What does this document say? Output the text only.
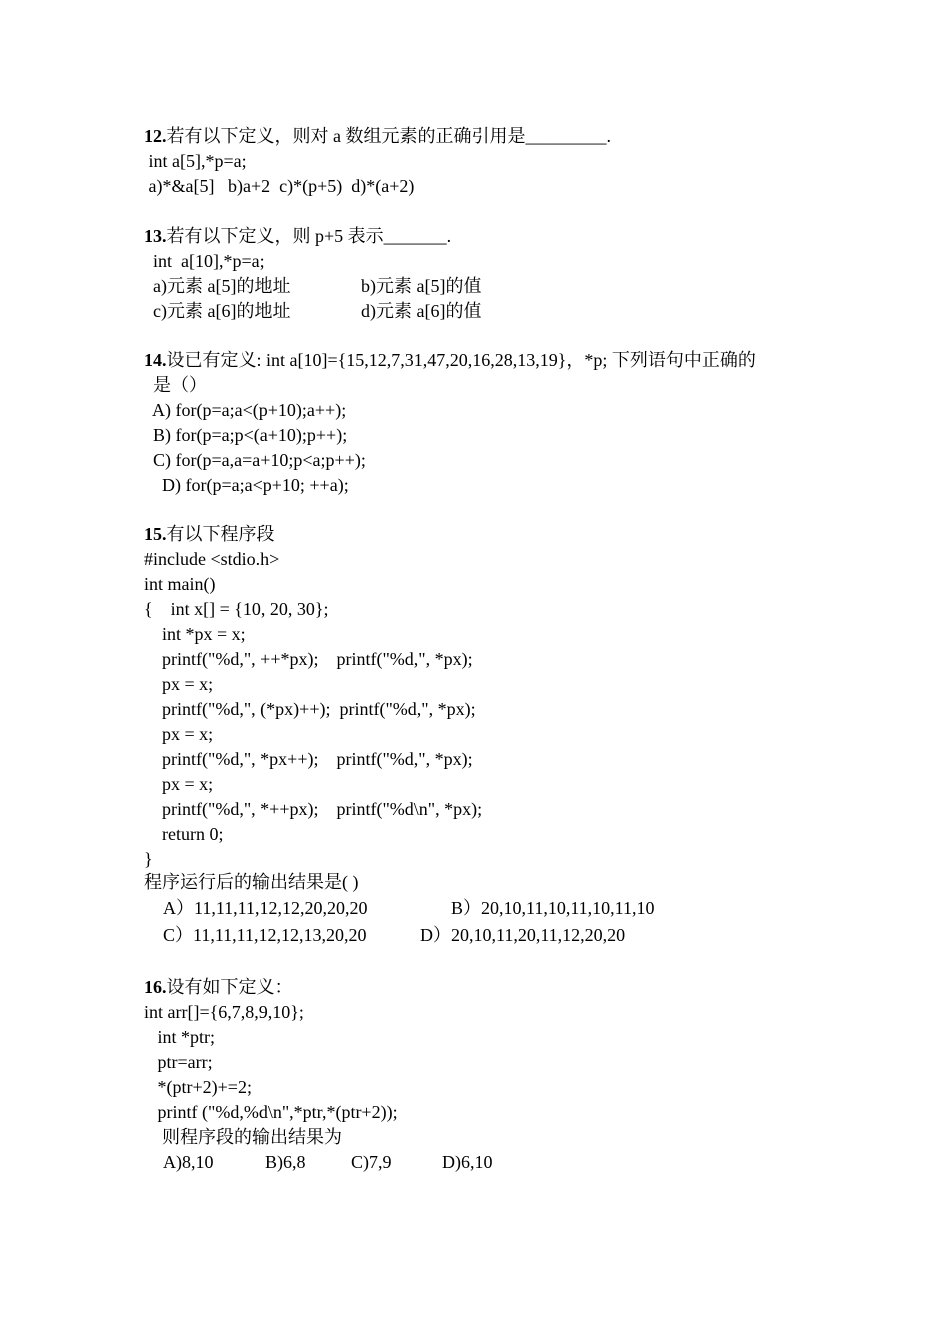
12.若有以下定义，则对 a 数组元素的正确引用是_________.
int a[5],*p=a;
a)*&a[5]   b)a+2  c)*(p+5)  d)*(a+2)
13.若有以下定义，则 p+5 表示_______.
int  a[10],*p=a;
a)元素 a[5]的地址	b)元素 a[5]的值
c)元素 a[6]的地址	d)元素 a[6]的值
14.设已有定义: int a[10]={15,12,7,31,47,20,16,28,13,19}，*p; 下列语句中正确的
是（）
A) for(p=a;a<(p+10);a++);
B) for(p=a;p<(a+10);p++);
C) for(p=a,a=a+10;p<a;p++);
D) for(p=a;a<p+10; ++a);
15.有以下程序段
#include <stdio.h>
int main()
{    int x[] = {10, 20, 30};
int *px = x;
printf("%d,", ++*px);    printf("%d,", *px);
px = x;
printf("%d,", (*px)++);  printf("%d,", *px);
px = x;
printf("%d,", *px++);    printf("%d,", *px);
px = x;
printf("%d,", *++px);    printf("%d\n", *px);
return 0;
}
程序运行后的输出结果是( )
A）11,11,11,12,12,20,20,20	B）20,10,11,10,11,10,11,10
C）11,11,11,12,12,13,20,20	D）20,10,11,20,11,12,20,20
16.设有如下定义：
int arr[]={6,7,8,9,10};
int *ptr;
ptr=arr;
*(ptr+2)+=2;
printf ("%d,%d\n",*ptr,*(ptr+2));
则程序段的输出结果为
A)8,10	B)6,8	C)7,9	D)6,10
